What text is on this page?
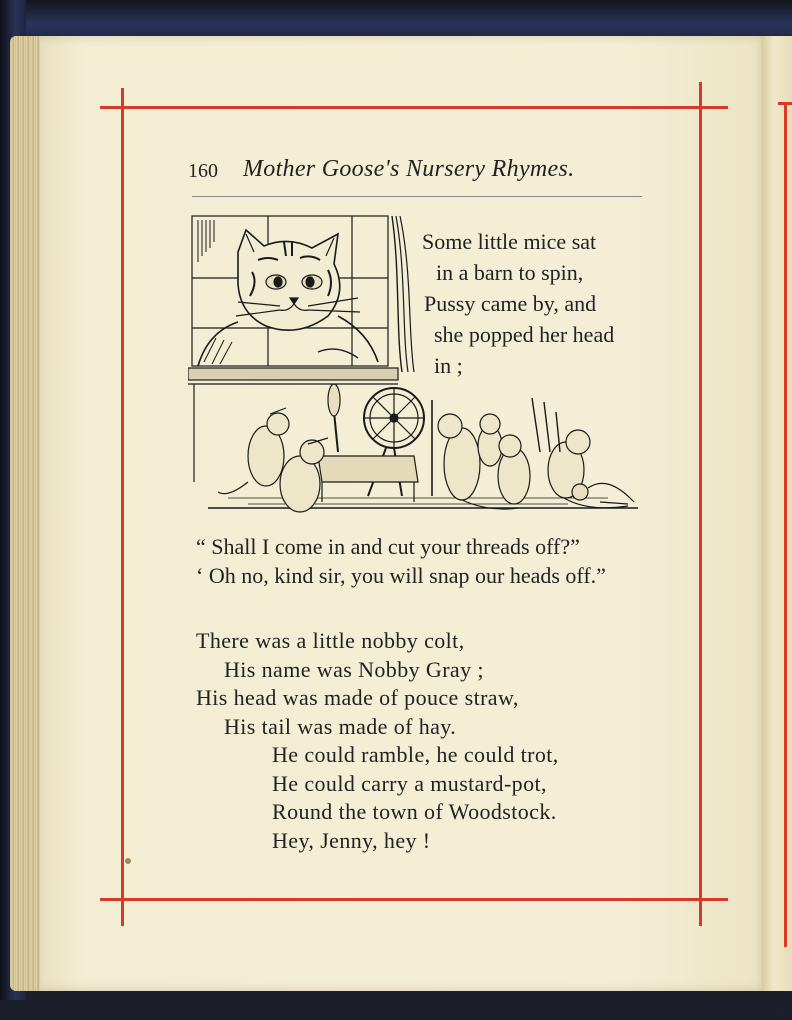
K
160 Mother Goose's Nursery Rhymes.
Some little mice sat
in a barn to spin,
Pussy came by, and
she popped her head
in ;
“ Shall I come in and cut your threads off?”
‘ Oh no, kind sir, you will snap our heads off.”
There was a little nobby colt,
His name was Nobby Gray ;
His head was made of pouce straw,
His tail was made of hay.
He could ramble, he could trot,
He could carry a mustard-pot,
Round the town of Woodstock.
Hey, Jenny, hey !
